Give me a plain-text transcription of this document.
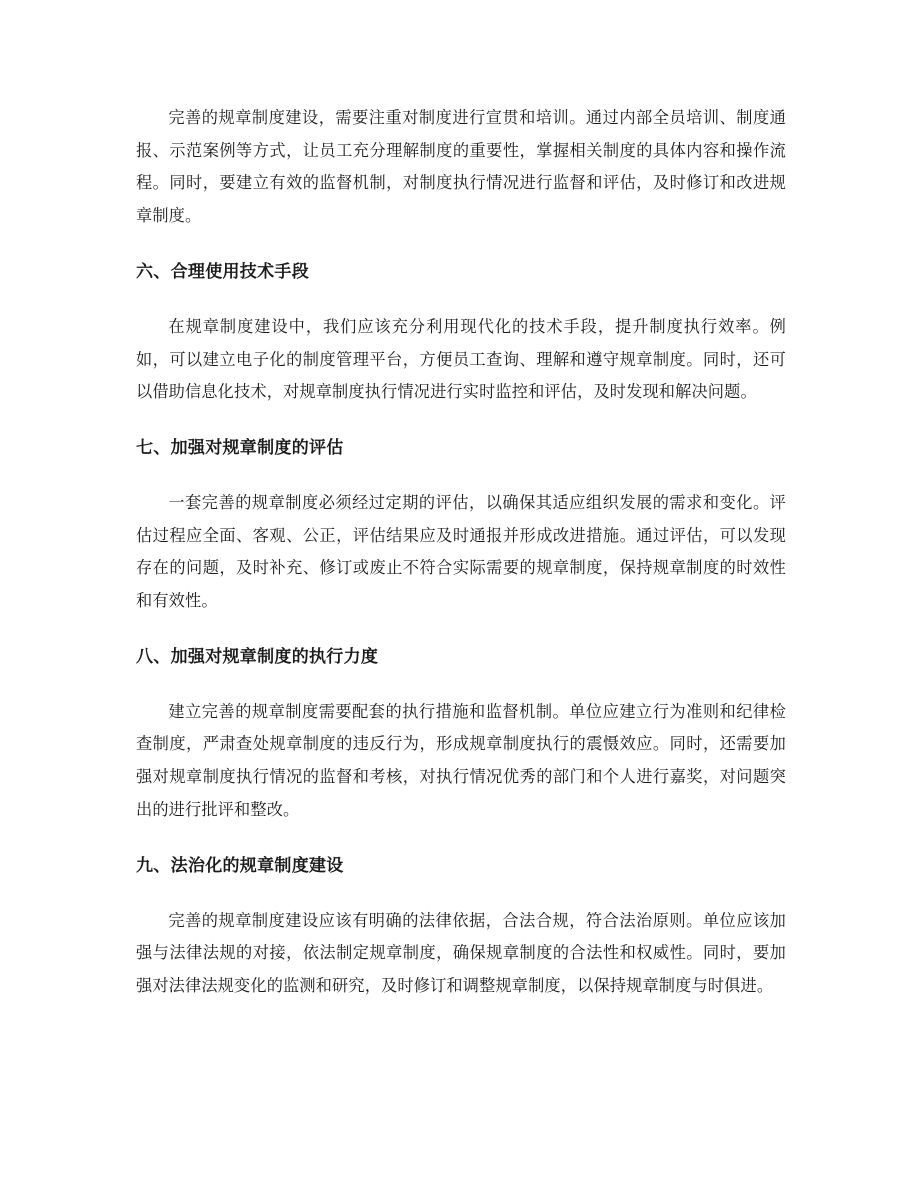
完善的规章制度建设，需要注重对制度进行宣贯和培训。通过内部全员培训、制度通报、示范案例等方式，让员工充分理解制度的重要性，掌握相关制度的具体内容和操作流程。同时，要建立有效的监督机制，对制度执行情况进行监督和评估，及时修订和改进规章制度。

六、合理使用技术手段

在规章制度建设中，我们应该充分利用现代化的技术手段，提升制度执行效率。例如，可以建立电子化的制度管理平台，方便员工查询、理解和遵守规章制度。同时，还可以借助信息化技术，对规章制度执行情况进行实时监控和评估，及时发现和解决问题。

七、加强对规章制度的评估

一套完善的规章制度必须经过定期的评估，以确保其适应组织发展的需求和变化。评估过程应全面、客观、公正，评估结果应及时通报并形成改进措施。通过评估，可以发现存在的问题，及时补充、修订或废止不符合实际需要的规章制度，保持规章制度的时效性和有效性。

八、加强对规章制度的执行力度

建立完善的规章制度需要配套的执行措施和监督机制。单位应建立行为准则和纪律检查制度，严肃查处规章制度的违反行为，形成规章制度执行的震慑效应。同时，还需要加强对规章制度执行情况的监督和考核，对执行情况优秀的部门和个人进行嘉奖，对问题突出的进行批评和整改。

九、法治化的规章制度建设

完善的规章制度建设应该有明确的法律依据，合法合规，符合法治原则。单位应该加强与法律法规的对接，依法制定规章制度，确保规章制度的合法性和权威性。同时，要加强对法律法规变化的监测和研究，及时修订和调整规章制度，以保持规章制度与时俱进。
